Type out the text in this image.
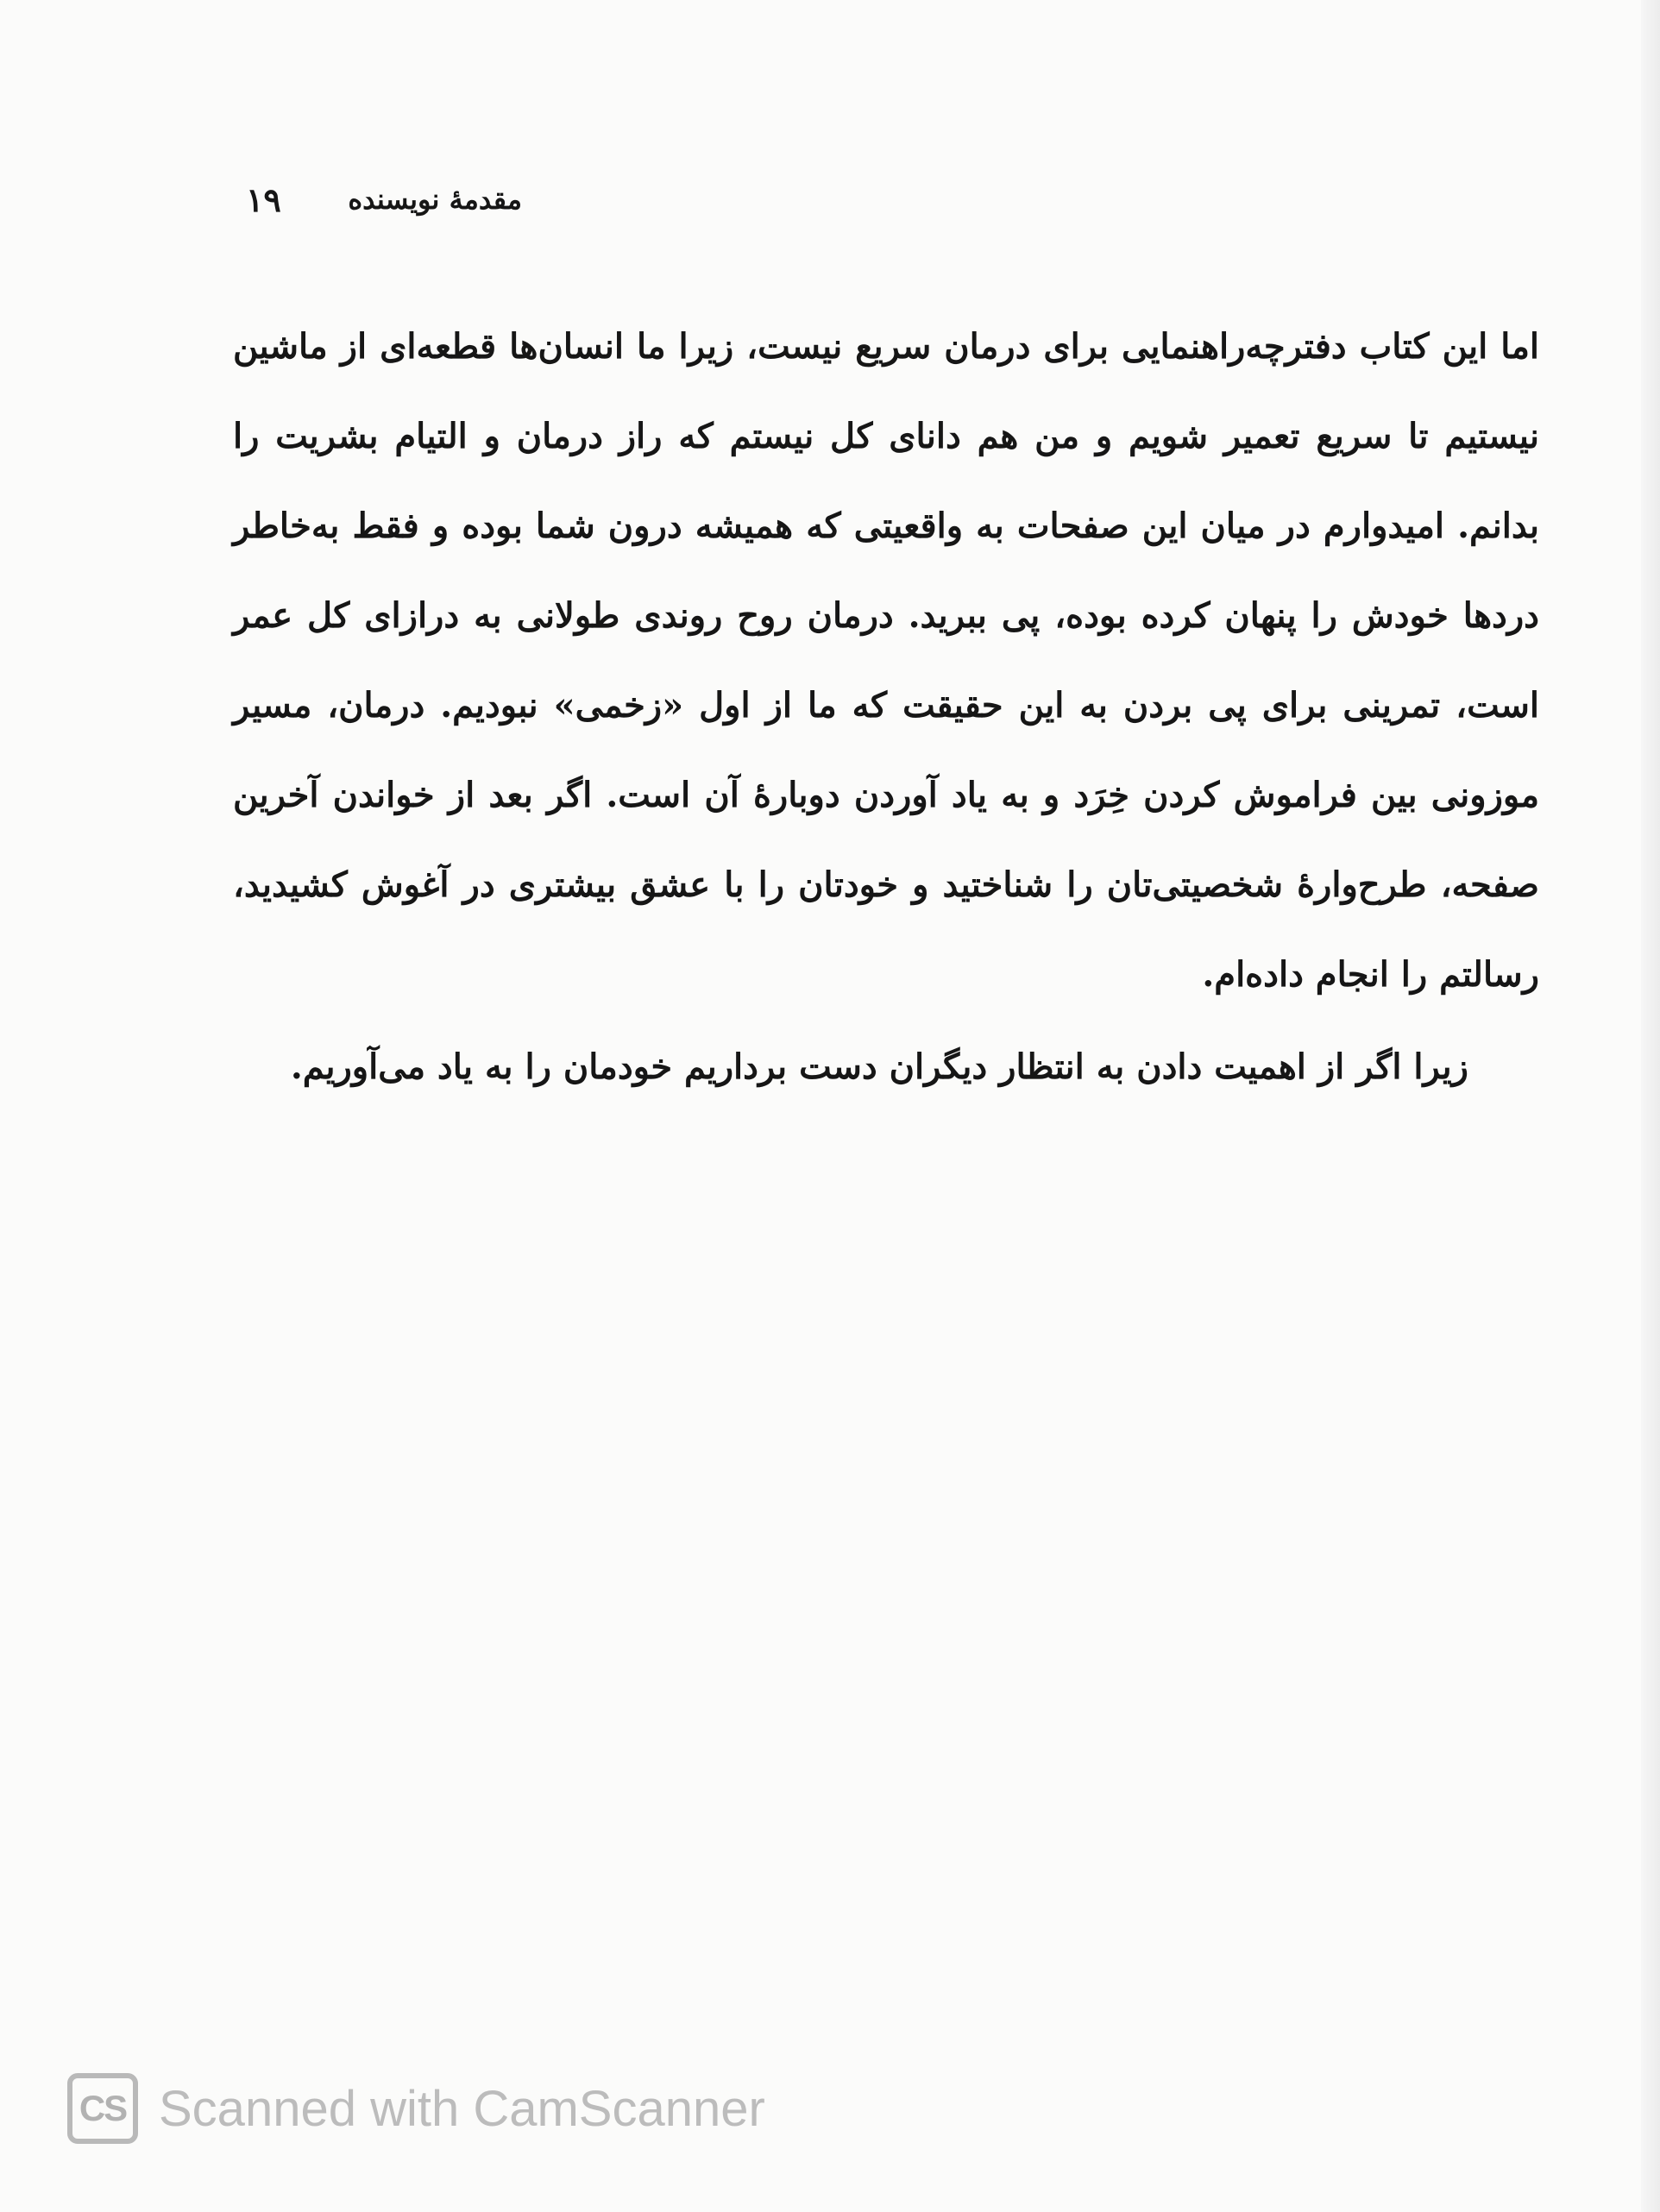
مقدمهٔ نویسنده
۱۹

اما این کتاب دفترچه‌راهنمایی برای درمان سریع نیست، زیرا ما انسان‌ها قطعه‌ای از ماشین نیستیم تا سریع تعمیر شویم و من هم دانای کل نیستم که راز درمان و التیام بشریت را بدانم. امیدوارم در میان این صفحات به واقعیتی که همیشه درون شما بوده و فقط به‌خاطر دردها خودش را پنهان کرده بوده، پی ببرید. درمان روح روندی طولانی به درازای کل عمر است، تمرینی برای پی بردن به این حقیقت که ما از اول «زخمی» نبودیم. درمان، مسیر موزونی بین فراموش کردن خِرَد و به یاد آوردن دوبارهٔ آن است. اگر بعد از خواندن آخرین صفحه، طرح‌وارهٔ شخصیتی‌تان را شناختید و خودتان را با عشق بیشتری در آغوش کشیدید، رسالتم را انجام داده‌ام.

زیرا اگر از اهمیت دادن به انتظار دیگران دست برداریم خودمان را به یاد می‌آوریم.

CS Scanned with CamScanner
